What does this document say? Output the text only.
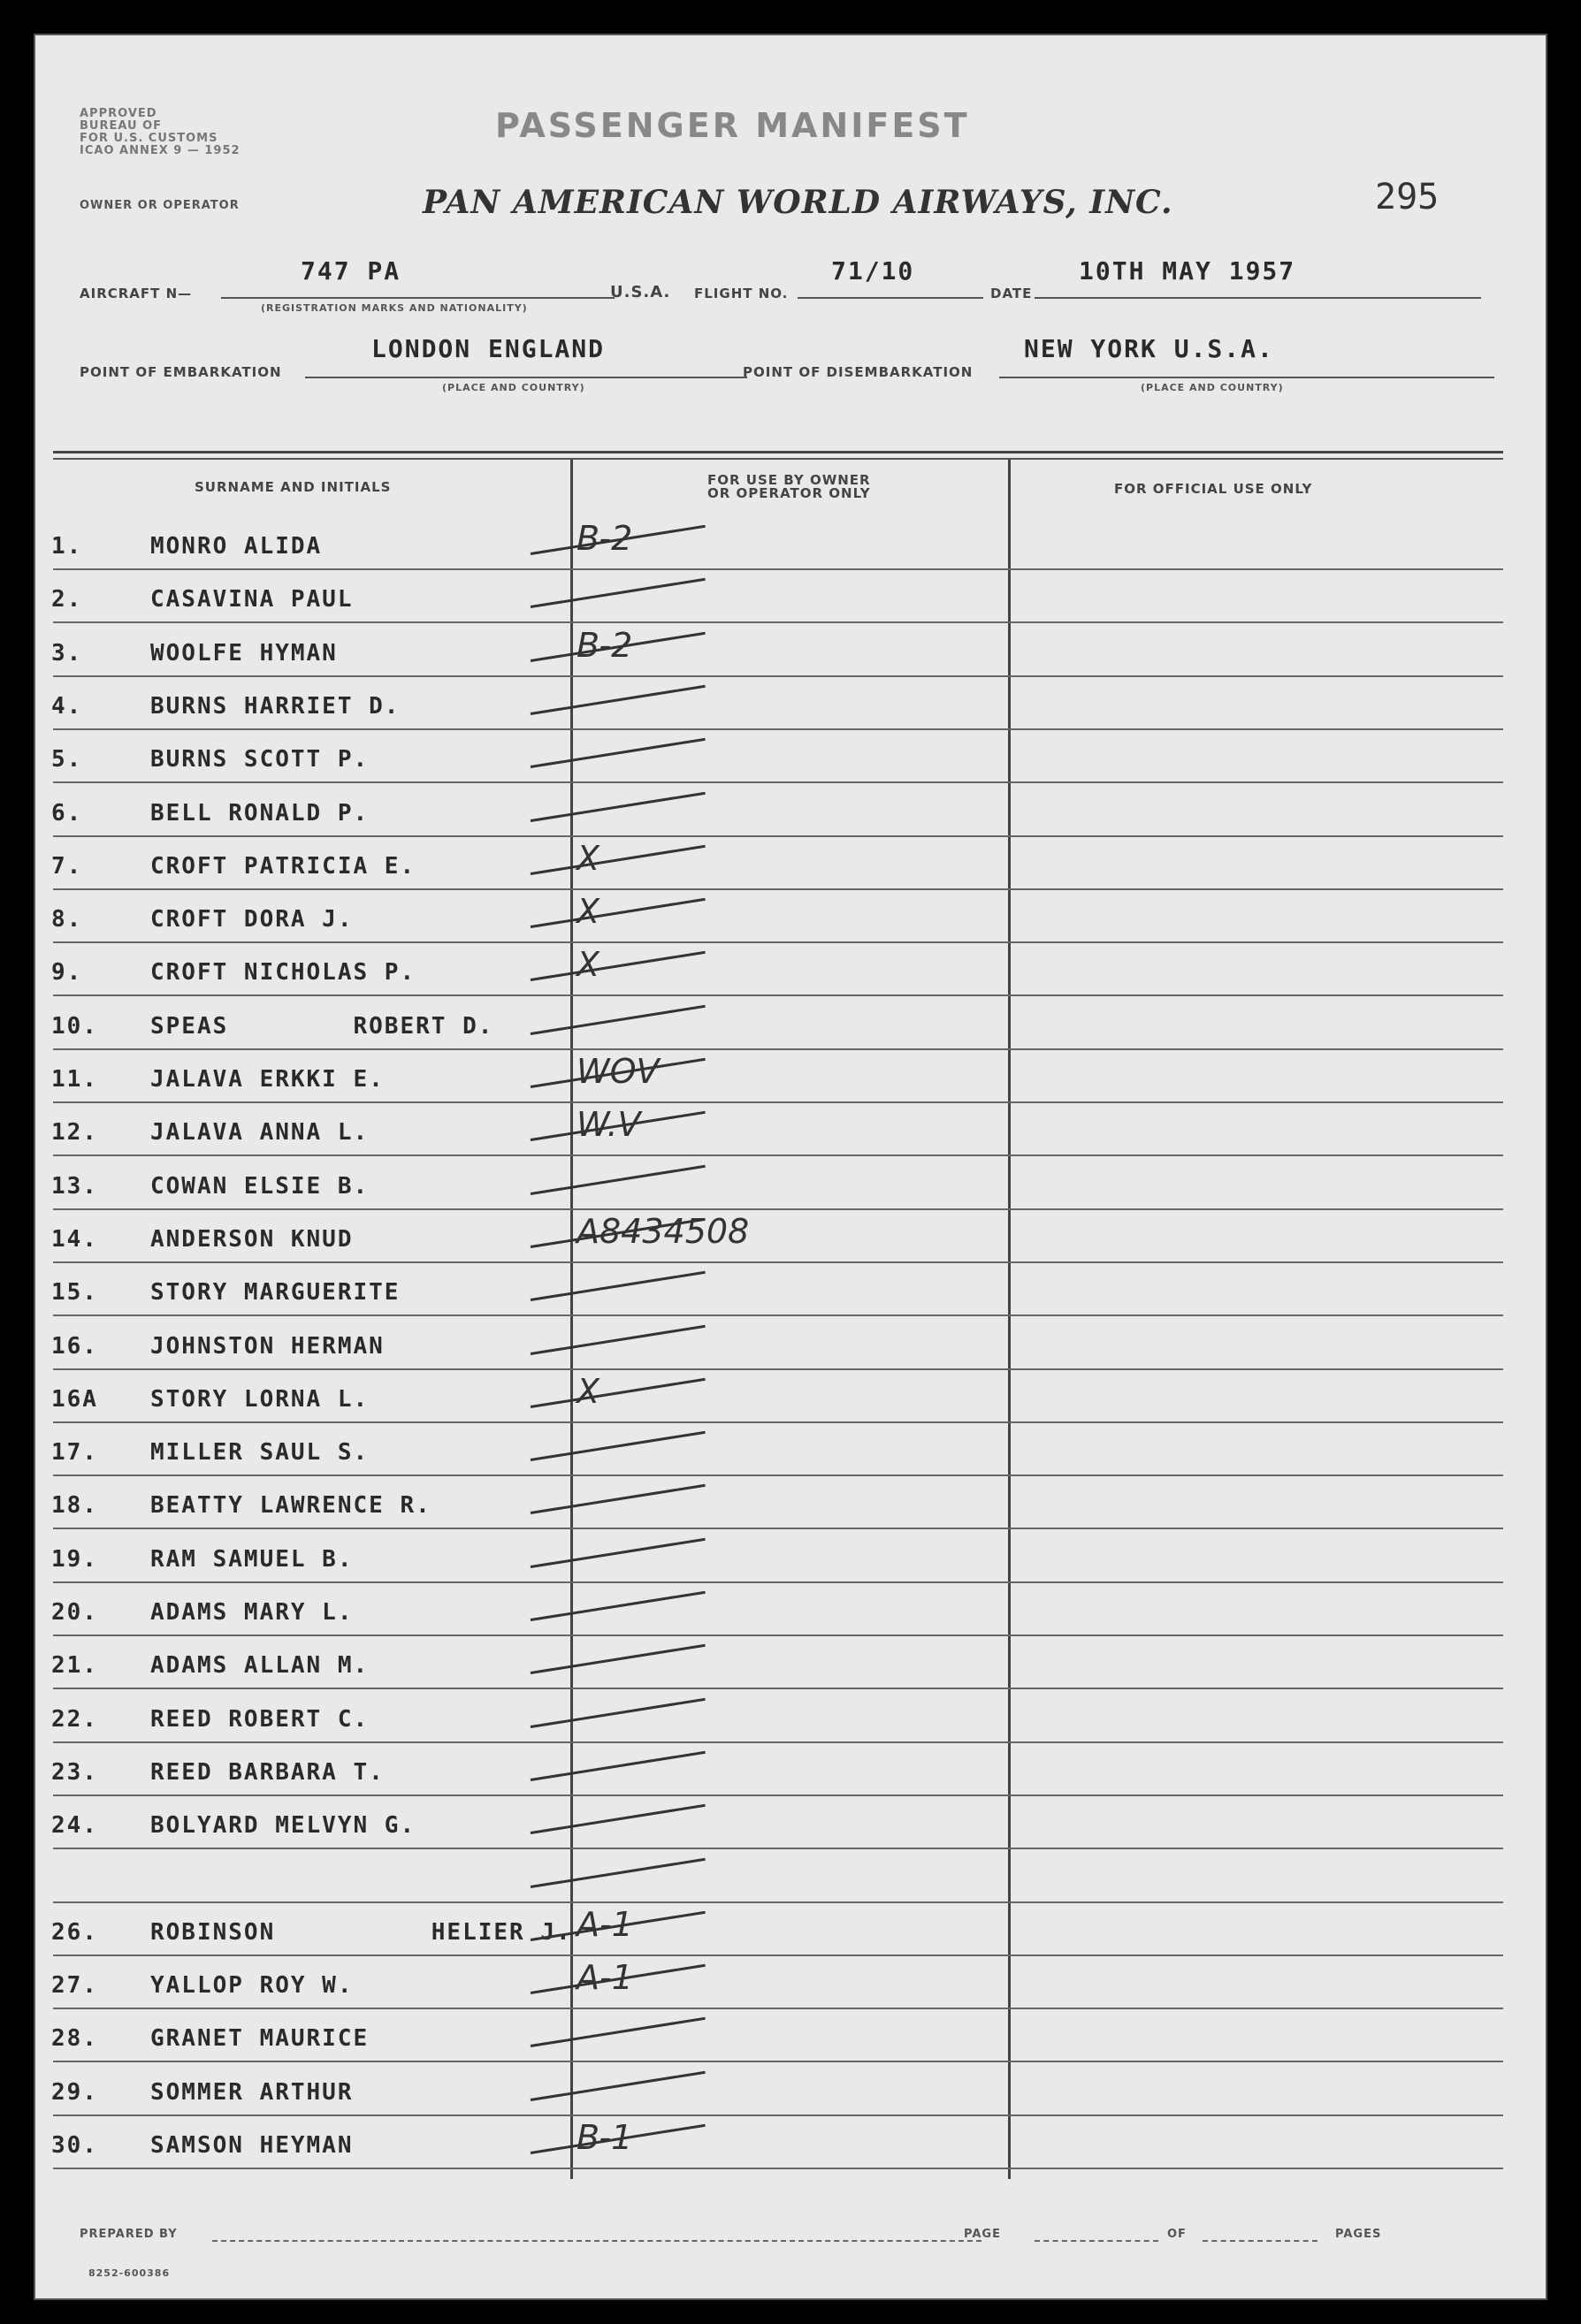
APPROVED
BUREAU OF
FOR U.S. CUSTOMS
ICAO ANNEX 9 — 1952
PASSENGER MANIFEST
OWNER OR OPERATOR	PAN AMERICAN WORLD AIRWAYS, INC.	295
AIRCRAFT N—
747 PA
(REGISTRATION MARKS AND NATIONALITY)
U.S.A. FLIGHT NO.
71/10
DATE
10TH MAY 1957
POINT OF EMBARKATION
LONDON ENGLAND
(PLACE AND COUNTRY)
POINT OF DISEMBARKATION
NEW YORK U.S.A.
(PLACE AND COUNTRY)
SURNAME AND INITIALS	FOR USE BY OWNER
OR OPERATOR ONLY	FOR OFFICIAL USE ONLY
1.	MONRO ALIDA	B-2
2.	CASAVINA PAUL
3.	WOOLFE HYMAN	B-2
4.	BURNS HARRIET D.
5.	BURNS SCOTT P.
6.	BELL RONALD P.
7.	CROFT PATRICIA E.	X
8.	CROFT DORA J.	X
9.	CROFT NICHOLAS P.	X
10. SPEAS        ROBERT D.
11. JALAVA ERKKI E.	WOV
12. JALAVA ANNA L.	W.V
13. COWAN ELSIE B.
14. ANDERSON KNUD	A8434508
15. STORY MARGUERITE
16. JOHNSTON HERMAN
16A STORY LORNA L.	X
17. MILLER SAUL S.
18. BEATTY LAWRENCE R.
19. RAM SAMUEL B.
20. ADAMS MARY L.
21. ADAMS ALLAN M.
22. REED ROBERT C.
23. REED BARBARA T.
24. BOLYARD MELVYN G.
26. ROBINSON          HELIER J. A-1
27. YALLOP ROY W.	A-1
28. GRANET MAURICE
29. SOMMER ARTHUR
30. SAMSON HEYMAN	B-1
PREPARED BY	PAGE	OF	PAGES
8252-600386
